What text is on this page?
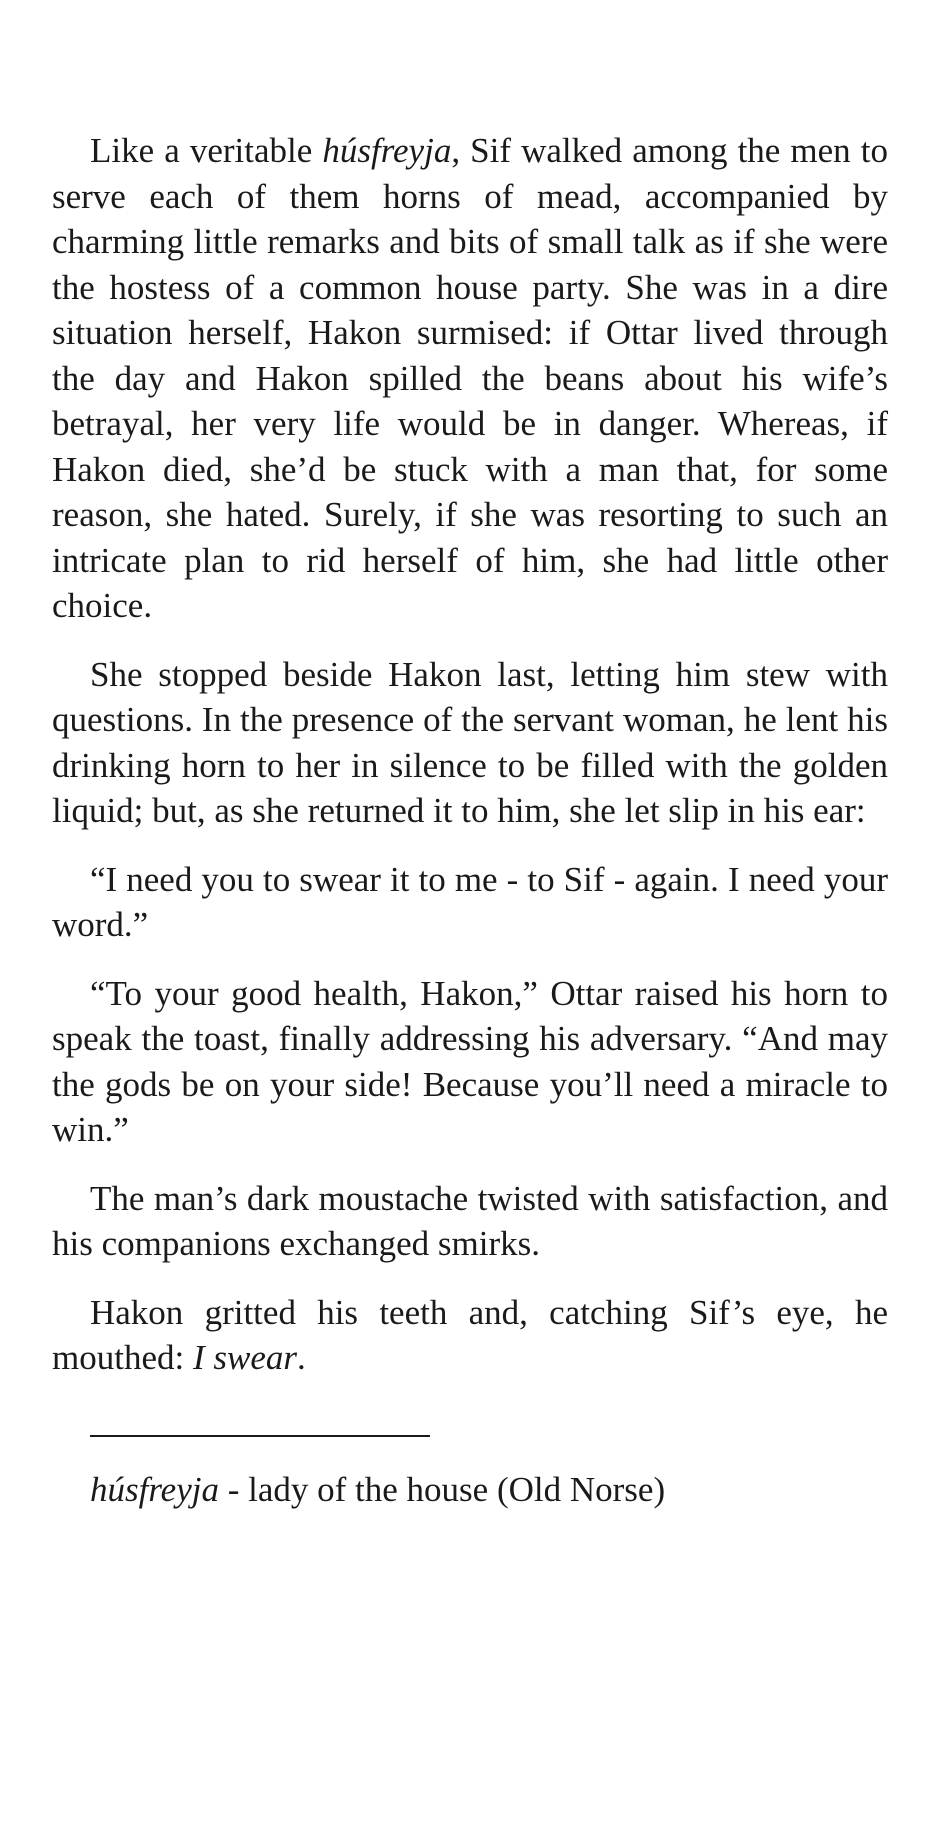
Like a veritable húsfreyja, Sif walked among the men to serve each of them horns of mead, accompanied by charming little remarks and bits of small talk as if she were the hostess of a common house party. She was in a dire situation herself, Hakon surmised: if Ottar lived through the day and Hakon spilled the beans about his wife’s betrayal, her very life would be in danger. Whereas, if Hakon died, she’d be stuck with a man that, for some reason, she hated. Surely, if she was resorting to such an intricate plan to rid herself of him, she had little other choice.

She stopped beside Hakon last, letting him stew with questions. In the presence of the servant woman, he lent his drinking horn to her in silence to be filled with the golden liquid; but, as she returned it to him, she let slip in his ear:

“I need you to swear it to me - to Sif - again. I need your word.”

“To your good health, Hakon,” Ottar raised his horn to speak the toast, finally addressing his adversary. “And may the gods be on your side! Because you’ll need a miracle to win.”

The man’s dark moustache twisted with satisfaction, and his companions exchanged smirks.

Hakon gritted his teeth and, catching Sif’s eye, he mouthed: I swear.

húsfreyja - lady of the house (Old Norse)
